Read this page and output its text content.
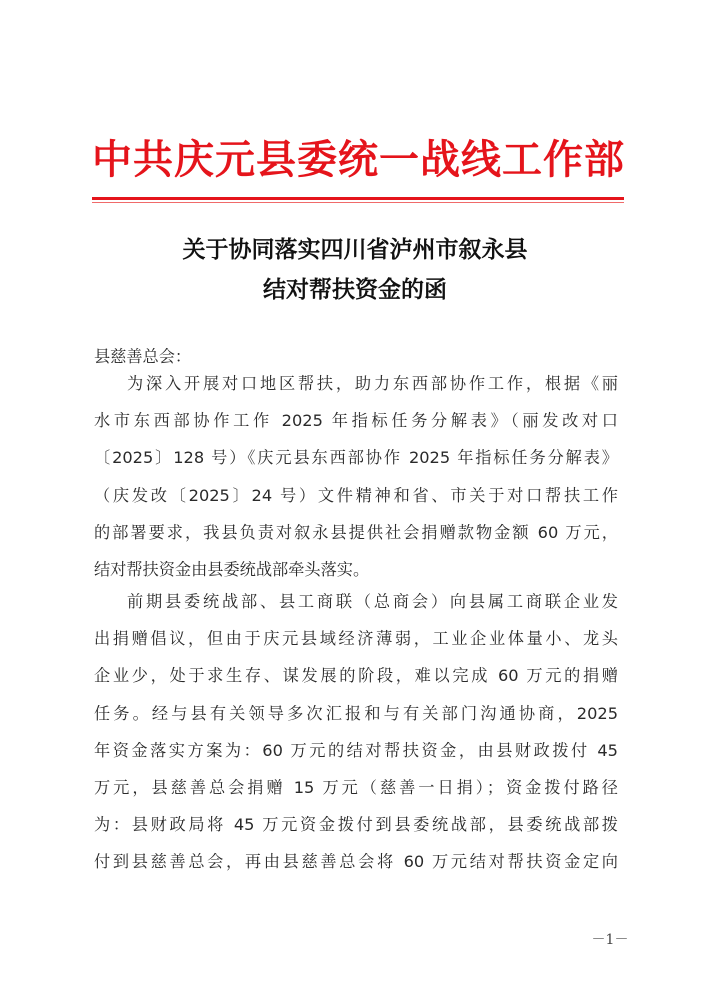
中共庆元县委统一战线工作部
关于协同落实四川省泸州市叙永县
结对帮扶资金的函
县慈善总会：
为深入开展对口地区帮扶，助力东西部协作工作，根据《丽
水市东西部协作工作 2025 年指标任务分解表》（丽发改对口
〔2025〕128 号）《庆元县东西部协作 2025 年指标任务分解表》
（庆发改〔2025〕24 号）文件精神和省、市关于对口帮扶工作
的部署要求，我县负责对叙永县提供社会捐赠款物金额 60 万元，
结对帮扶资金由县委统战部牵头落实。
前期县委统战部、县工商联（总商会）向县属工商联企业发
出捐赠倡议，但由于庆元县域经济薄弱，工业企业体量小、龙头
企业少，处于求生存、谋发展的阶段，难以完成 60 万元的捐赠
任务。经与县有关领导多次汇报和与有关部门沟通协商，2025
年资金落实方案为：60 万元的结对帮扶资金，由县财政拨付 45
万元，县慈善总会捐赠 15 万元（慈善一日捐）；资金拨付路径
为：县财政局将 45 万元资金拨付到县委统战部，县委统战部拨
付到县慈善总会，再由县慈善总会将 60 万元结对帮扶资金定向
－1－
